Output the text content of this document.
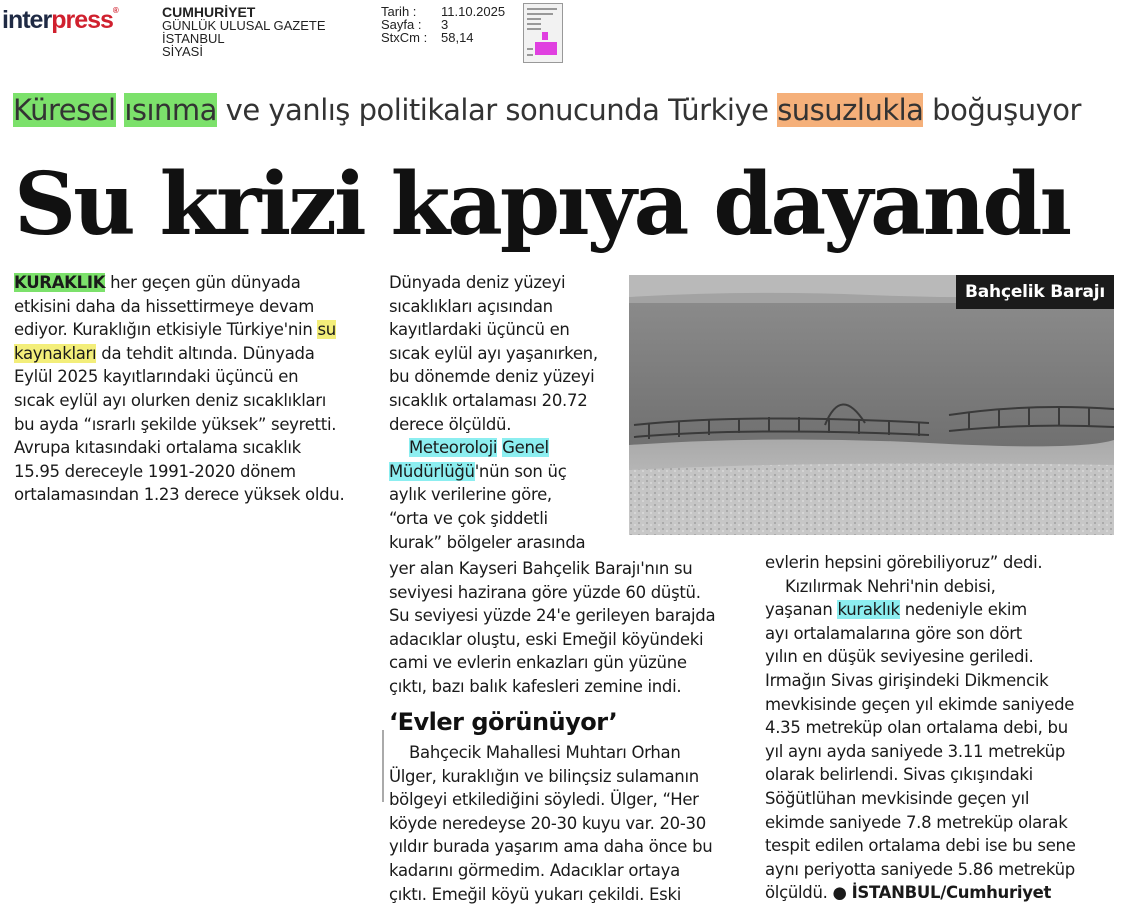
interpress®	CUMHURİYET
GÜNLÜK ULUSAL GAZETE
İSTANBUL
SİYASİ
Tarih :	11.10.2025
Sayfa :	3
StxCm :	58,14
Küresel ısınma ve yanlış politikalar sonucunda Türkiye susuzlukla boğuşuyor
Su krizi kapıya dayandı
KURAKLIK her geçen gün dünyada
etkisini daha da hissettirmeye devam
ediyor. Kuraklığın etkisiyle Türkiye'nin su
kaynakları da tehdit altında. Dünyada
Eylül 2025 kayıtlarındaki üçüncü en
sıcak eylül ayı olurken deniz sıcaklıkları
bu ayda “ısrarlı şekilde yüksek” seyretti.
Avrupa kıtasındaki ortalama sıcaklık
15.95 dereceyle 1991-2020 dönem
ortalamasından 1.23 derece yüksek oldu.
Dünyada deniz yüzeyi
sıcaklıkları açısından
kayıtlardaki üçüncü en
sıcak eylül ayı yaşanırken,
bu dönemde deniz yüzeyi
sıcaklık ortalaması 20.72
derece ölçüldü.
Meteoroloji Genel
Müdürlüğü'nün son üç
aylık verilerine göre,
“orta ve çok şiddetli
kurak” bölgeler arasında
yer alan Kayseri Bahçelik Barajı'nın su
seviyesi hazirana göre yüzde 60 düştü.
Su seviyesi yüzde 24'e gerileyen barajda
adacıklar oluştu, eski Emeğil köyündeki
cami ve evlerin enkazları gün yüzüne
çıktı, bazı balık kafesleri zemine indi.
‘Evler görünüyor’
Bahçecik Mahallesi Muhtarı Orhan
Ülger, kuraklığın ve bilinçsiz sulamanın
bölgeyi etkilediğini söyledi. Ülger, “Her
köyde neredeyse 20-30 kuyu var. 20-30
yıldır burada yaşarım ama daha önce bu
kadarını görmedim. Adacıklar ortaya
çıktı. Emeğil köyü yukarı çekildi. Eski
evlerin hepsini görebiliyoruz” dedi.
Kızılırmak Nehri'nin debisi,
yaşanan kuraklık nedeniyle ekim
ayı ortalamalarına göre son dört
yılın en düşük seviyesine geriledi.
Irmağın Sivas girişindeki Dikmencik
mevkisinde geçen yıl ekimde saniyede
4.35 metreküp olan ortalama debi, bu
yıl aynı ayda saniyede 3.11 metreküp
olarak belirlendi. Sivas çıkışındaki
Söğütlühan mevkisinde geçen yıl
ekimde saniyede 7.8 metreküp olarak
tespit edilen ortalama debi ise bu sene
aynı periyotta saniyede 5.86 metreküp
ölçüldü. ● İSTANBUL/Cumhuriyet
Bahçelik Barajı
